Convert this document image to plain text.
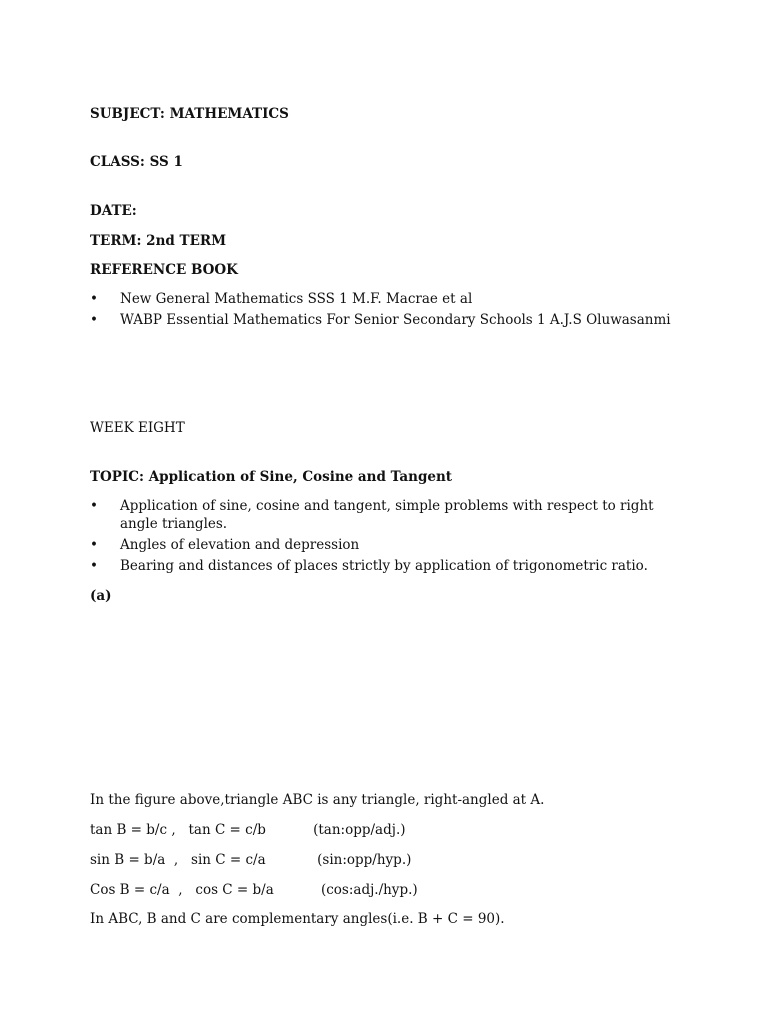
SUBJECT: MATHEMATICS
CLASS: SS 1
DATE:
TERM: 2nd TERM
REFERENCE BOOK
• New General Mathematics SSS 1 M.F. Macrae et al
• WABP Essential Mathematics For Senior Secondary Schools 1 A.J.S Oluwasanmi
WEEK EIGHT
TOPIC: Application of Sine, Cosine and Tangent
• Application of sine, cosine and tangent, simple problems with respect to right angle triangles.
• Angles of elevation and depression
• Bearing and distances of places strictly by application of trigonometric ratio.
(a)
In the figure above,triangle ABC is any triangle, right-angled at A.
tan B = b/c ,   tan C = c/b           (tan:opp/adj.)
sin B = b/a  ,   sin C = c/a            (sin:opp/hyp.)
Cos B = c/a  ,   cos C = b/a           (cos:adj./hyp.)
In ABC, B and C are complementary angles(i.e. B + C = 90).
